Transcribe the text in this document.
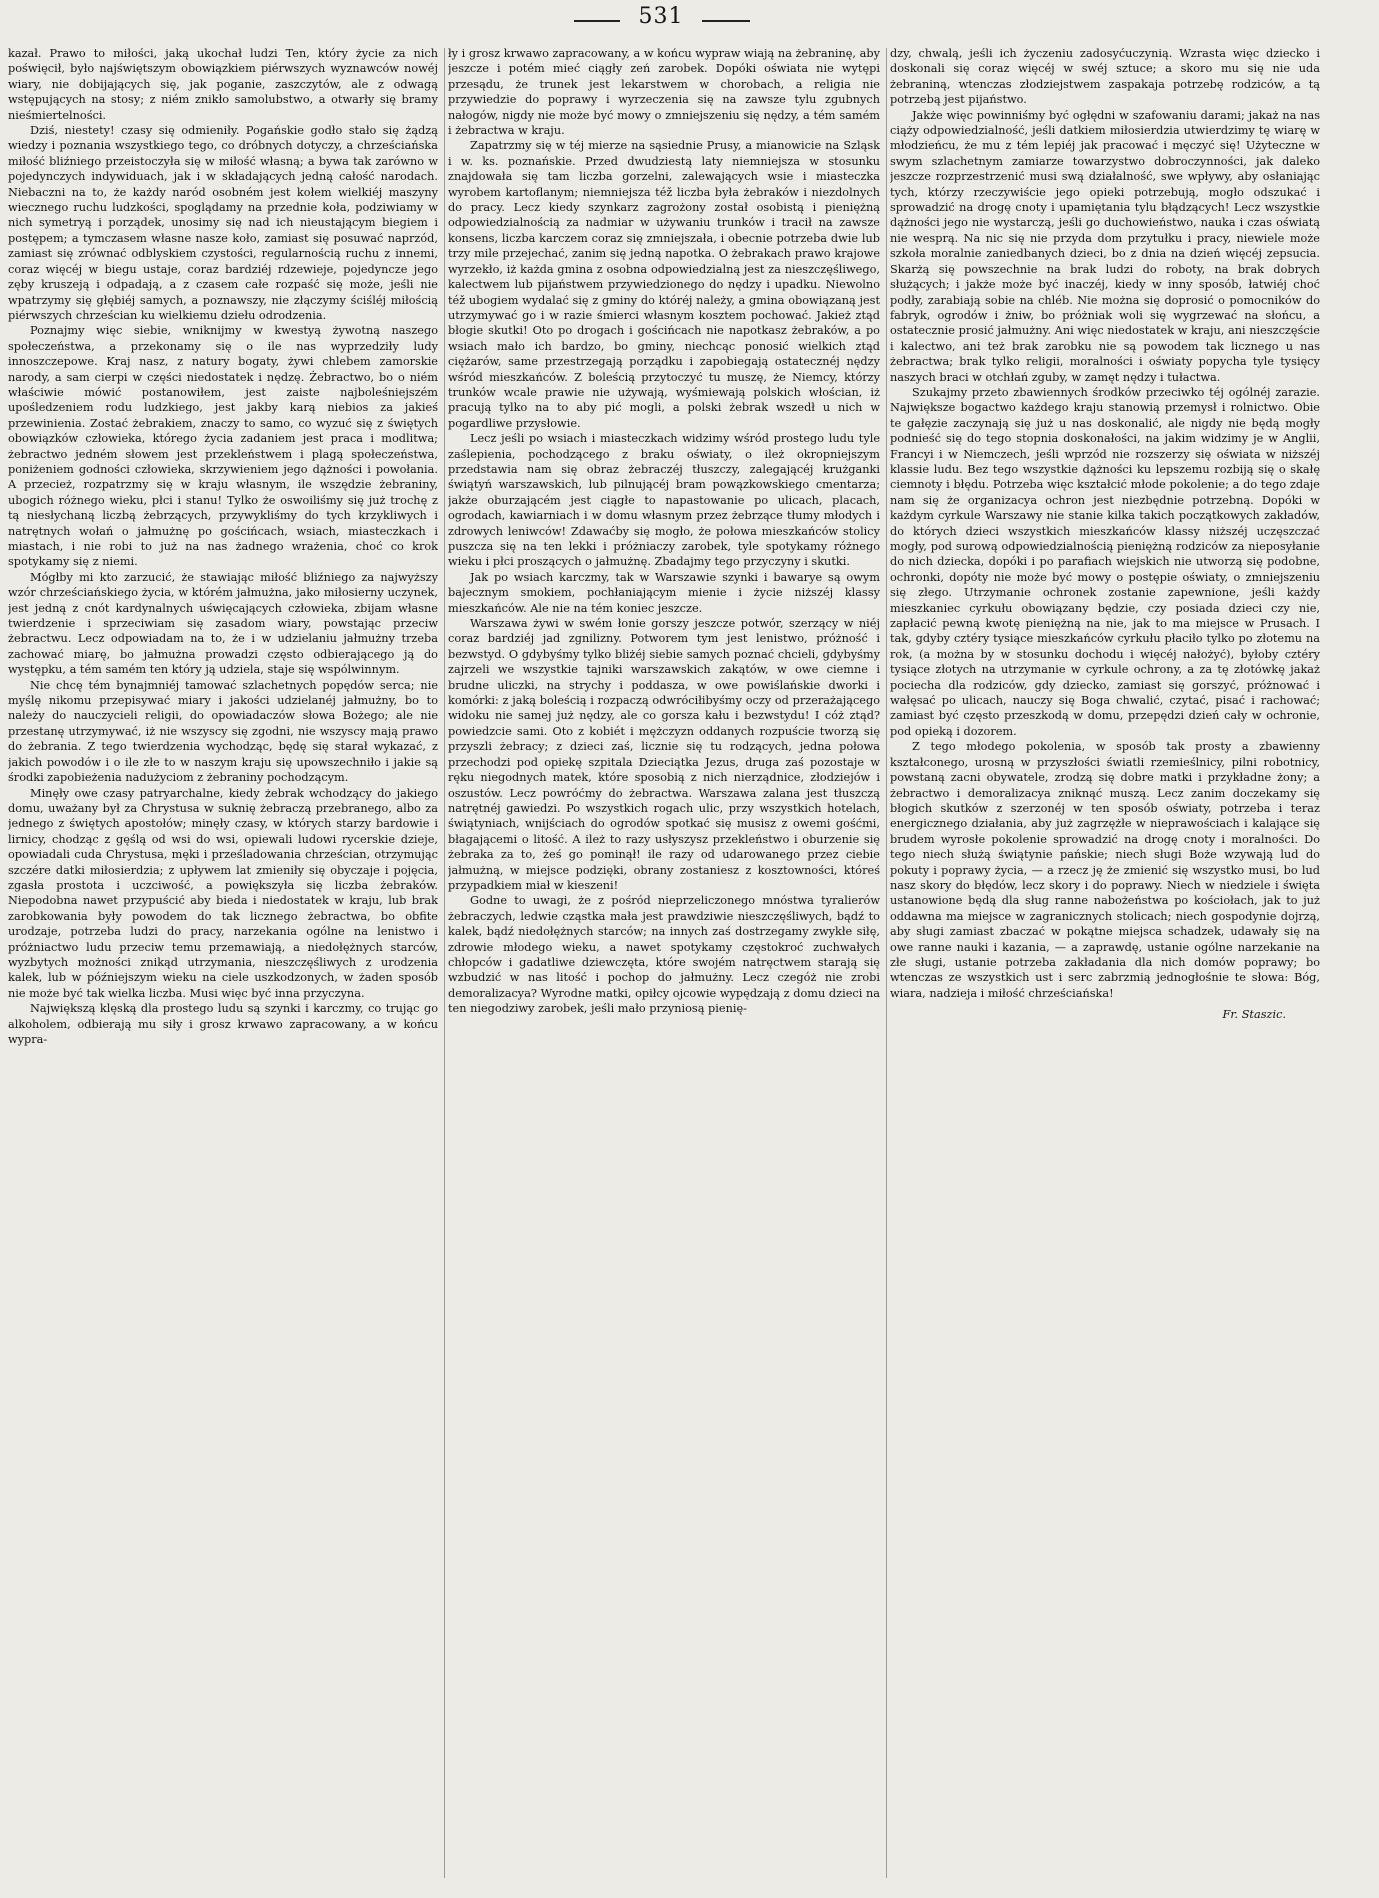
531

kazał. Prawo to miłości, jaką ukochał ludzi Ten, który życie za nich poświęcił, było najświętszym obowiązkiem piérwszych wyznawców nowéj wiary, nie dobijających się, jak poganie, zaszczytów, ale z odwagą wstępujących na stosy; z niém znikło samolubstwo, a otwarły się bramy nieśmiertelności.

Dziś, niestety! czasy się odmieniły. Pogańskie godło stało się żądzą wiedzy i poznania wszystkiego tego, co dróbnych dotyczy, a chrześciańska miłość bliźniego przeistoczyła się w miłość własną; a bywa tak zarówno w pojedynczych indywiduach, jak i w składających jedną całość narodach. Niebaczni na to, że każdy naród osobném jest kołem wielkiéj maszyny wiecznego ruchu ludzkości, spoglądamy na przednie koła, podziwiamy w nich symetryą i porządek, unosimy się nad ich nieustającym biegiem i postępem; a tymczasem własne nasze koło, zamiast się posuwać naprzód, zamiast się zrównać odblyskiem czystości, regularnością ruchu z innemi, coraz więcéj w biegu ustaje, coraz bardziéj rdzewieje, pojedyncze jego zęby kruszeją i odpadają, a z czasem całe rozpaść się może, jeśli nie wpatrzymy się głębiéj samych, a poznawszy, nie złączymy ściśléj miłością piérwszych chrześcian ku wielkiemu dziełu odrodzenia.

Poznajmy więc siebie, wniknijmy w kwestyą żywotną naszego społeczeństwa, a przekonamy się o ile nas wyprzedziły ludy innoszczepowe. Kraj nasz, z natury bogaty, żywi chlebem zamorskie narody, a sam cierpi w części niedostatek i nędzę. Żebractwo, bo o niém właściwie mówić postanowiłem, jest zaiste najboleśniejszém upośledzeniem rodu ludzkiego, jest jakby karą niebios za jakieś przewinienia. Zostać żebrakiem, znaczy to samo, co wyzuć się z świętych obowiązków człowieka, którego życia zadaniem jest praca i modlitwa; żebractwo jedném słowem jest przekleństwem i plagą społeczeństwa, poniżeniem godności człowieka, skrzywieniem jego dążności i powołania. A przecież, rozpatrzmy się w kraju własnym, ile wszędzie żebraniny, ubogich różnego wieku, płci i stanu! Tylko że oswoiliśmy się już trochę z tą niesłychaną liczbą żebrzących, przywykliśmy do tych krzykliwych i natrętnych wołań o jałmużnę po gościńcach, wsiach, miasteczkach i miastach, i nie robi to już na nas żadnego wrażenia, choć co krok spotykamy się z niemi.

Mógłby mi kto zarzucić, że stawiając miłość bliźniego za najwyższy wzór chrześciańskiego życia, w którém jałmużna, jako miłosierny uczynek, jest jedną z cnót kardynalnych uświęcających człowieka, zbijam własne twierdzenie i sprzeciwiam się zasadom wiary, powstając przeciw żebractwu. Lecz odpowiadam na to, że i w udzielaniu jałmużny trzeba zachować miarę, bo jałmużna prowadzi często odbierającego ją do występku, a tém samém ten który ją udziela, staje się wspólwinnym.

Nie chcę tém bynajmniéj tamować szlachetnych popędów serca; nie myślę nikomu przepisywać miary i jakości udzielanéj jałmużny, bo to należy do nauczycieli religii, do opowiadaczów słowa Bożego; ale nie przestanę utrzymywać, iż nie wszyscy się zgodni, nie wszyscy mają prawo do żebrania. Z tego twierdzenia wychodząc, będę się starał wykazać, z jakich powodów i o ile złe to w naszym kraju się upowszechniło i jakie są środki zapobieżenia nadużyciom z żebraniny pochodzącym.

Minęły owe czasy patryarchalne, kiedy żebrak wchodzący do jakiego domu, uważany był za Chrystusa w suknię żebraczą przebranego, albo za jednego z świętych apostołów; minęły czasy, w których starzy bardowie i lirnicy, chodząc z gęślą od wsi do wsi, opiewali ludowi rycerskie dzieje, opowiadali cuda Chrystusa, męki i prześladowania chrześcian, otrzymując szczére datki miłosierdzia; z upływem lat zmieniły się obyczaje i pojęcia, zgasła prostota i uczciwość, a powiększyła się liczba żebraków. Niepodobna nawet przypuścić aby bieda i niedostatek w kraju, lub brak zarobkowania były powodem do tak licznego żebractwa, bo obfite urodzaje, potrzeba ludzi do pracy, narzekania ogólne na lenistwo i próżniactwo ludu przeciw temu przemawiają, a niedołężnych starców, wyzbytych możności znikąd utrzymania, nieszczęśliwych z urodzenia kalek, lub w późniejszym wieku na ciele uszkodzonych, w żaden sposób nie może być tak wielka liczba. Musi więc być inna przyczyna.

Największą klęską dla prostego ludu są szynki i karczmy, co trując go alkoholem, odbierają mu siły i grosz krwawo zapracowany, a w końcu wypra-

ły i grosz krwawo zapracowany, a w końcu wypraw wiają na żebraninę, aby jeszcze i potém mieć ciągły zeń zarobek. Dopóki oświata nie wytępi przesądu, że trunek jest lekarstwem w chorobach, a religia nie przywiedzie do poprawy i wyrzeczenia się na zawsze tylu zgubnych nałogów, nigdy nie może być mowy o zmniejszeniu się nędzy, a tém samém i żebractwa w kraju.

Zapatrzmy się w téj mierze na sąsiednie Prusy, a mianowicie na Szląsk i w. ks. poznańskie. Przed dwudziestą laty niemniejsza w stosunku znajdowała się tam liczba gorzelni, zalewających wsie i miasteczka wyrobem kartoflanym; niemniejsza též liczba była żebraków i niezdolnych do pracy. Lecz kiedy szynkarz zagrożony został osobistą i pieniężną odpowiedzialnością za nadmiar w używaniu trunków i tracił na zawsze konsens, liczba karczem coraz się zmniejszała, i obecnie potrzeba dwie lub trzy mile przejechać, zanim się jedną napotka. O żebrakach prawo krajowe wyrzekło, iż każda gmina z osobna odpowiedzialną jest za nieszczęśliwego, kalectwem lub pijaństwem przywiedzionego do nędzy i upadku. Niewolno též ubogiem wydalać się z gminy do któréj należy, a gmina obowiązaną jest utrzymywać go i w razie śmierci własnym kosztem pochować. Jakież ztąd błogie skutki! Oto po drogach i gościńcach nie napotkasz żebraków, a po wsiach mało ich bardzo, bo gminy, niechcąc ponosić wielkich ztąd ciężarów, same przestrzegają porządku i zapobiegają ostatecznéj nędzy wśród mieszkańców. Z boleścią przytoczyć tu muszę, że Niemcy, którzy trunków wcale prawie nie używają, wyśmiewają polskich włościan, iż pracują tylko na to aby pić mogli, a polski żebrak wszedł u nich w pogardliwe przysłowie.

Lecz jeśli po wsiach i miasteczkach widzimy wśród prostego ludu tyle zaślepienia, pochodzącego z braku oświaty, o ileż okropniejszym przedstawia nam się obraz żebraczéj tłuszczy, zalegającéj krużganki świątyń warszawskich, lub pilnującéj bram powązkowskiego cmentarza; jakże oburzającém jest ciągłe to napastowanie po ulicach, placach, ogrodach, kawiarniach i w domu własnym przez żebrzące tłumy młodych i zdrowych leniwców! Zdawaćby się mogło, że połowa mieszkańców stolicy puszcza się na ten lekki i próżniaczy zarobek, tyle spotykamy różnego wieku i płci proszących o jałmużnę. Zbadajmy tego przyczyny i skutki.

Jak po wsiach karczmy, tak w Warszawie szynki i bawaryе są owym bajecznym smokiem, pochłaniającym mienie i życie niższéj klassy mieszkańców. Ale nie na tém koniec jeszcze.

Warszawa żywi w swém łonie gorszy jeszcze potwór, szerzący w niéj coraz bardziéj jad zgnilizny. Potworem tym jest lenistwo, próżność i bezwstyd. O gdybyśmy tylko bliżéj siebie samych poznać chcieli, gdybyśmy zajrzeli we wszystkie tajniki warszawskich zakątów, w owe ciemne i brudne uliczki, na strychy i poddasza, w owe powiślańskie dworki i komórki: z jaką boleścią i rozpaczą odwróciłibyśmy oczy od przerażającego widoku nie samej już nędzy, ale co gorsza kału i bezwstydu! I cóż ztąd? powiedzcie sami. Oto z kobiét i mężczyzn oddanych rozpuście tworzą się przyszli żebracy; z dzieci zaś, licznie się tu rodzących, jedna połowa przechodzi pod opiekę szpitala Dzieciątka Jezus, druga zaś pozostaje w ręku niegodnych matek, które sposobią z nich nierządnice, złodziejów i oszustów. Lecz powróćmy do żebractwa. Warszawa zalana jest tłuszczą natrętnéj gawiedzi. Po wszystkich rogach ulic, przy wszystkich hotelach, świątyniach, wnijściach do ogrodów spotkać się musisz z owemi gośćmi, błagającemi o litość. A ileż to razy usłyszysz przekleństwo i oburzenie się żebraka za to, żeś go pominął! ile razy od udarowanego przez ciebie jałmużną, w miejsce podzięki, obrany zostaniesz z kosztowności, któreś przypadkiem miał w kieszeni!

Godne to uwagi, że z pośród nieprzeliczonego mnóstwa tyralierów żebraczych, ledwie cząstka mała jest prawdziwie nieszczęśliwych, bądź to kalek, bądź niedołężnych starców; na innych zaś dostrzegamy zwykłe siłę, zdrowie młodego wieku, a nawet spotykamy częstokroć zuchwałych chłopców i gadatliwe dziewczęta, które swojém natręctwem starają się wzbudzić w nas litość i pochop do jałmużny. Lecz czegóż nie zrobi demoralizacya? Wyrodne matki, opiłcy ojcowie wypędzają z domu dzieci na ten niegodziwy zarobek, jeśli mało przyniosą pienię-

dzy, chwalą, jeśli ich życzeniu zadosyćuczynią. Wzrasta więc dziecko i doskonali się coraz więcéj w swéj sztuce; a skoro mu się nie uda żebraniną, wtenczas złodziejstwem zaspakaja potrzebę rodziców, a tą potrzebą jest pijaństwo.

Jakże więc powinniśmy być ogłędni w szafowaniu darami; jakaż na nas ciąży odpowiedzialność, jeśli datkiem miłosierdzia utwierdzimy tę wiarę w młodzieńcu, że mu z tém lepiéj jak pracować i męczyć się! Użyteczne w swym szlachetnym zamiarze towarzystwo dobroczynności, jak daleko jeszcze rozprzestrzenić musi swą działalność, swe wpływy, aby osłaniając tych, którzy rzeczywiście jego opieki potrzebują, mogło odszukać i sprowadzić na drogę cnoty i upamiętania tylu błądzących! Lecz wszystkie dążności jego nie wystarczą, jeśli go duchowieństwo, nauka i czas oświatą nie wesprą. Na nic się nie przyda dom przytułku i pracy, niewiele może szkoła moralnie zaniedbanych dzieci, bo z dnia na dzień więcéj zepsucia. Skarżą się powszechnie na brak ludzi do roboty, na brak dobrych służących; i jakże może być inaczéj, kiedy w inny sposób, łatwiéj choć podły, zarabiają sobie na chléb. Nie można się doprosić o pomocników do fabryk, ogrodów i żniw, bo próżniak woli się wygrzewać na słońcu, a ostatecznie prosić jałmużny. Ani więc niedostatek w kraju, ani nieszczęście i kalectwo, ani też brak zarobku nie są powodem tak licznego u nas żebractwa; brak tylko religii, moralności i oświaty popycha tyle tysięcy naszych braci w otchłań zguby, w zamęt nędzy i tułactwa.

Szukajmy przeto zbawiennych środków przeciwko téj ogólnéj zarazie. Największe bogactwo każdego kraju stanowią przemysł i rolnictwo. Obie te gałęzie zaczynają się już u nas doskonalić, ale nigdy nie będą mogły podnieść się do tego stopnia doskonałości, na jakim widzimy je w Anglii, Francyi i w Niemczech, jeśli wprzód nie rozszerzy się oświata w niższéj klassie ludu. Bez tego wszystkie dążności ku lepszemu rozbiją się o skałę ciemnoty i błędu. Potrzeba więc kształcić młode pokolenie; a do tego zdaje nam się że organizacya ochron jest niezbędnie potrzebną. Dopóki w każdym cyrkule Warszawy nie stanie kilka takich początkowych zakładów, do których dzieci wszystkich mieszkańców klassy niższéj uczęszczać mogły, pod surową odpowiedzialnością pieniężną rodziców za nieposyłanie do nich dziecka, dopóki i po parafiach wiejskich nie utworzą się podobne, ochronki, dopóty nie może być mowy o postępie oświaty, o zmniejszeniu się złego. Utrzymanie ochronek zostanie zapewnione, jeśli każdy mieszkaniec cyrkułu obowiązany będzie, czy posiada dzieci czy nie, zapłacić pewną kwotę pieniężną na nie, jak to ma miejsce w Prusach. I tak, gdyby cztéry tysiące mieszkańców cyrkułu płaciło tylko po złotemu na rok, (a można by w stosunku dochodu i więcéj nałożyć), byłoby cztéry tysiące złotych na utrzymanie w cyrkule ochrony, a za tę złotówkę jakaż pociecha dla rodziców, gdy dziecko, zamiast się gorszyć, próżnować i wałęsać po ulicach, nauczy się Boga chwalić, czytać, pisać i rachować; zamiast być często przeszkodą w domu, przepędzi dzień cały w ochronie, pod opieką i dozorem.

Z tego młodego pokolenia, w sposób tak prosty a zbawienny kształconego, urosną w przyszłości światli rzemieślnicy, pilni robotnicy, powstaną zacni obywatele, zrodzą się dobre matki i przykładne żony; a żebractwo i demoralizacya zniknąć muszą. Lecz zanim doczekamy się błogich skutków z szerzonéj w ten sposób oświaty, potrzeba i teraz energicznego działania, aby już zagrzężłe w nieprawościach i kalające się brudem wyrosłe pokolenie sprowadzić na drogę cnoty i moralności. Do tego niech służą świątynie pańskie; niech sługi Boże wzywają lud do pokuty i poprawy życia, — a rzecz ję że zmienić się wszystko musi, bo lud nasz skory do błędów, lecz skory i do poprawy. Niech w niedziele i święta ustanowione będą dla sług ranne nabożeństwa po kościołach, jak to już oddawna ma miejsce w zagranicznych stolicach; niech gospodynie dojrzą, aby sługi zamiast zbaczać w pokątne miejsca schadzek, udawały się na owe ranne nauki i kazania, — a zaprawdę, ustanie ogólne narzekanie na złe sługi, ustanie potrzeba zakładania dla nich domów poprawy; bo wtenczas ze wszystkich ust i serc zabrzmią jednogłośnie te słowa: Bóg, wiara, nadzieja i miłość chrześciańska!

Fr. Staszic.
